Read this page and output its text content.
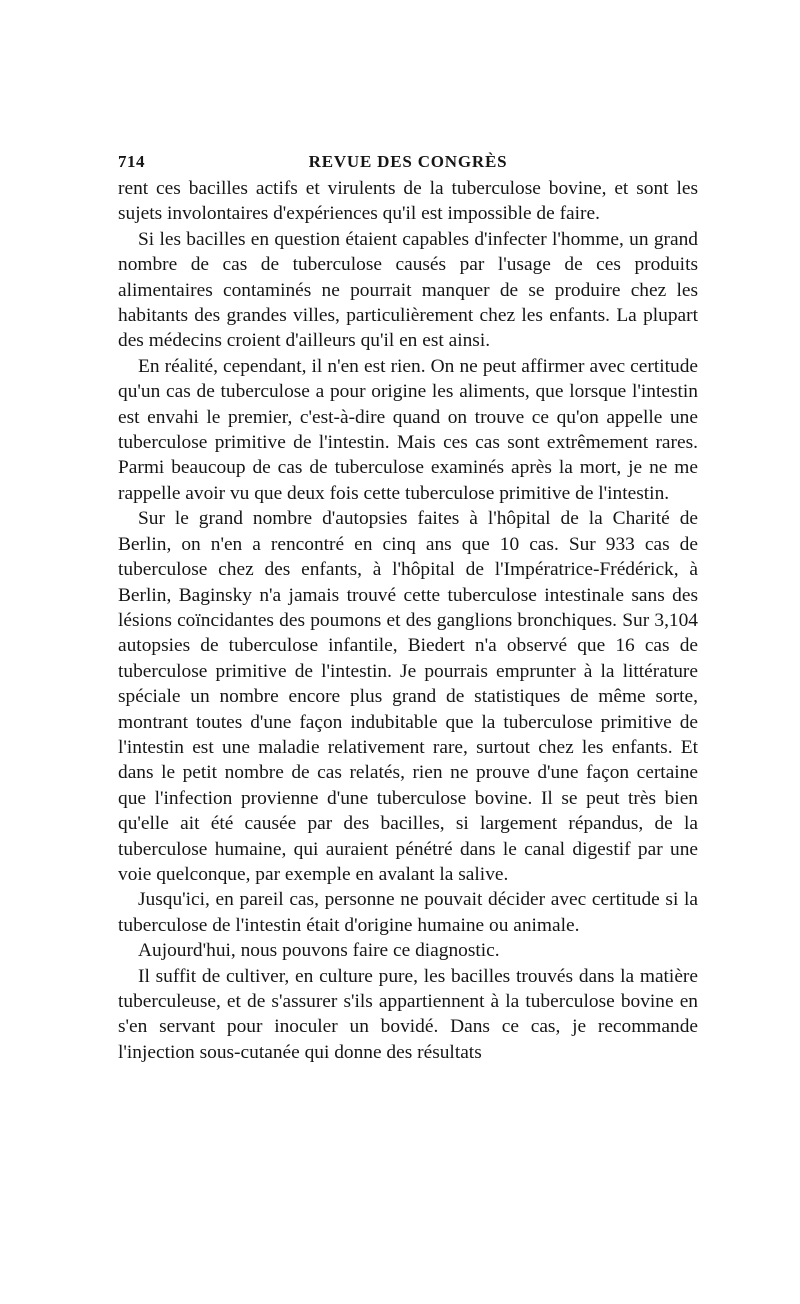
714	REVUE DES CONGRÈS

rent ces bacilles actifs et virulents de la tuberculose bovine, et sont les sujets involontaires d'expériences qu'il est impossible de faire.

Si les bacilles en question étaient capables d'infecter l'homme, un grand nombre de cas de tuberculose causés par l'usage de ces produits alimentaires contaminés ne pourrait manquer de se produire chez les habitants des grandes villes, particulièrement chez les enfants. La plupart des médecins croient d'ailleurs qu'il en est ainsi.

En réalité, cependant, il n'en est rien. On ne peut affirmer avec certitude qu'un cas de tuberculose a pour origine les aliments, que lorsque l'intestin est envahi le premier, c'est-à-dire quand on trouve ce qu'on appelle une tuberculose primitive de l'intestin. Mais ces cas sont extrêmement rares. Parmi beaucoup de cas de tuberculose examinés après la mort, je ne me rappelle avoir vu que deux fois cette tuberculose primitive de l'intestin.

Sur le grand nombre d'autopsies faites à l'hôpital de la Charité de Berlin, on n'en a rencontré en cinq ans que 10 cas. Sur 933 cas de tuberculose chez des enfants, à l'hôpital de l'Impératrice-Frédérick, à Berlin, Baginsky n'a jamais trouvé cette tuberculose intestinale sans des lésions coïncidantes des poumons et des ganglions bronchiques. Sur 3,104 autopsies de tuberculose infantile, Biedert n'a observé que 16 cas de tuberculose primitive de l'intestin. Je pourrais emprunter à la littérature spéciale un nombre encore plus grand de statistiques de même sorte, montrant toutes d'une façon indubitable que la tuberculose primitive de l'intestin est une maladie relativement rare, surtout chez les enfants. Et dans le petit nombre de cas relatés, rien ne prouve d'une façon certaine que l'infection provienne d'une tuberculose bovine. Il se peut très bien qu'elle ait été causée par des bacilles, si largement répandus, de la tuberculose humaine, qui auraient pénétré dans le canal digestif par une voie quelconque, par exemple en avalant la salive.

Jusqu'ici, en pareil cas, personne ne pouvait décider avec certitude si la tuberculose de l'intestin était d'origine humaine ou animale.

Aujourd'hui, nous pouvons faire ce diagnostic.

Il suffit de cultiver, en culture pure, les bacilles trouvés dans la matière tuberculeuse, et de s'assurer s'ils appartiennent à la tuberculose bovine en s'en servant pour inoculer un bovidé. Dans ce cas, je recommande l'injection sous-cutanée qui donne des résultats
